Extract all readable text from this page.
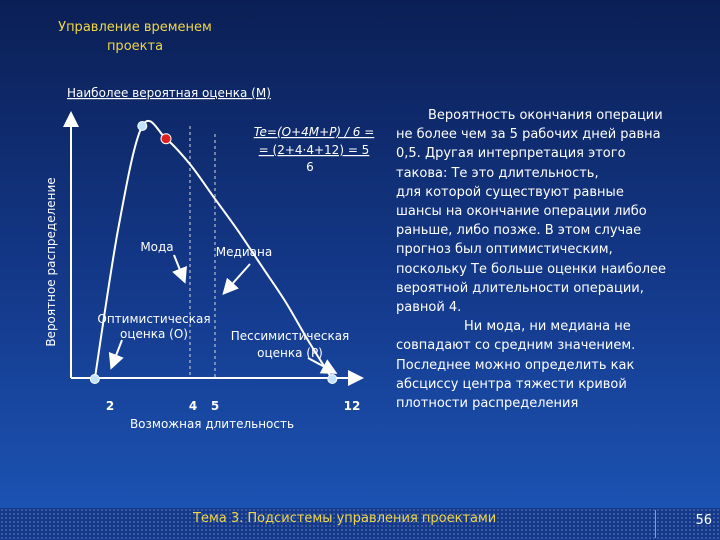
Управление временем
проекта
Наиболее вероятная оценка (M)
Вероятное распределение
Возможная длительность
2	4 5	12
Te=(O+4M+P) / 6 =
= (2+4·4+12) = 5
6
Мода	Медиана
Оптимистическая
оценка (O)	Пессимистическая
оценка (P)

Вероятность окончания операции
не более чем за 5 рабочих дней равна
0,5. Другая интерпретация этого
такова: Те это длительность,
для которой существуют равные
шансы на окончание операции либо
раньше, либо позже. В этом случае
прогноз был оптимистическим,
поскольку Те больше оценки наиболее
вероятной длительности операции,
равной 4.

Ни мода, ни медиана не
совпадают со средним значением.
Последнее можно определить как
абсциссу центра тяжести кривой
плотности распределения

Тема 3. Подсистемы управления проектами	56
